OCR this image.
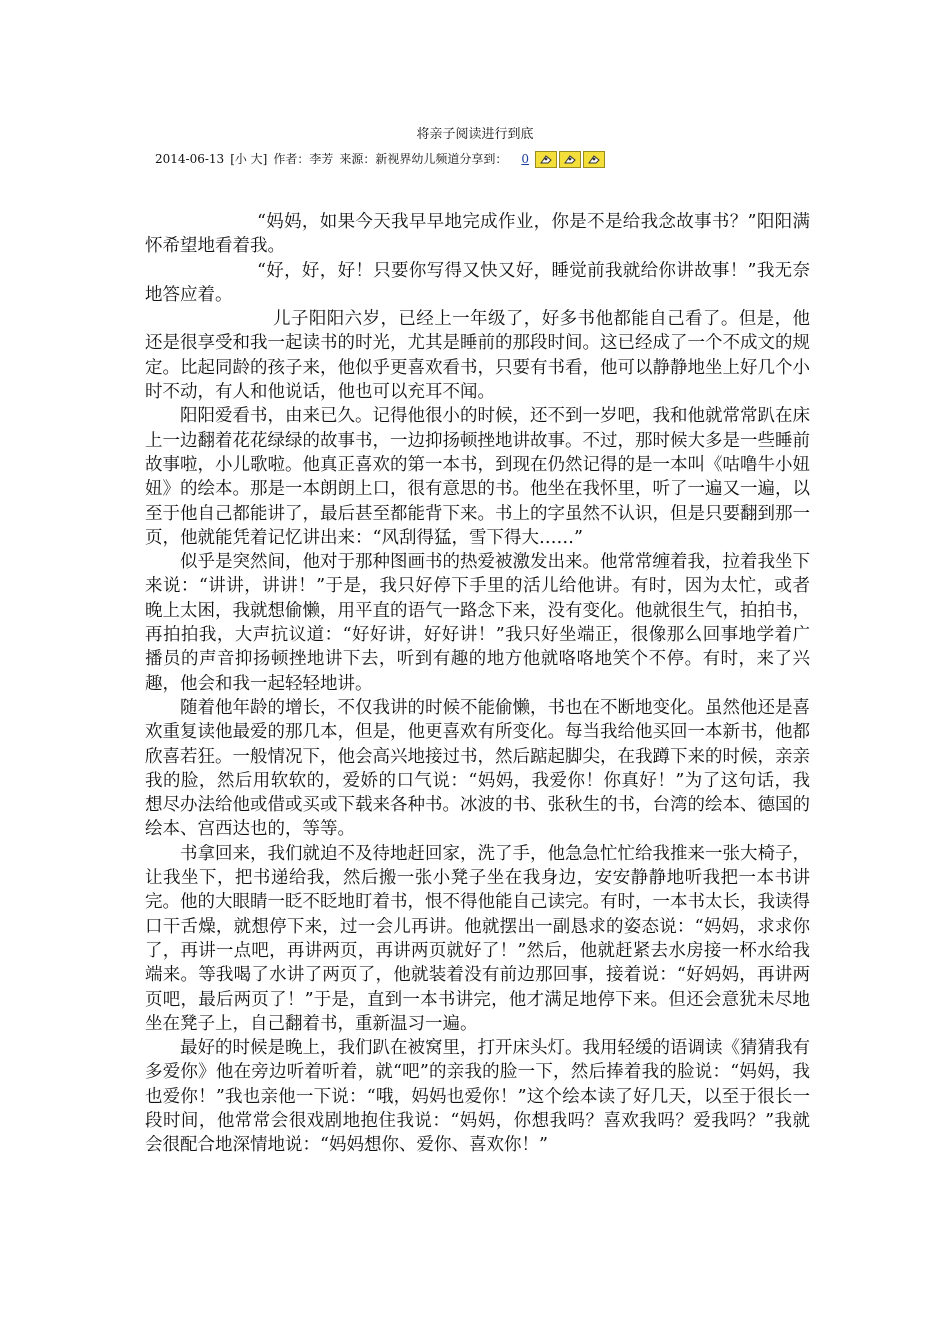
将亲子阅读进行到底
2014-06-13 [小 大] 作者：李芳 来源：新视界幼儿频道 分享到： 0

“妈妈，如果今天我早早地完成作业，你是不是给我念故事书？”阳阳满怀希望地看着我。

“好，好，好！只要你写得又快又好，睡觉前我就给你讲故事！”我无奈地答应着。

儿子阳阳六岁，已经上一年级了，好多书他都能自己看了。但是，他还是很享受和我一起读书的时光，尤其是睡前的那段时间。这已经成了一个不成文的规定。比起同龄的孩子来，他似乎更喜欢看书，只要有书看，他可以静静地坐上好几个小时不动，有人和他说话，他也可以充耳不闻。

阳阳爱看书，由来已久。记得他很小的时候，还不到一岁吧，我和他就常常趴在床上一边翻着花花绿绿的故事书，一边抑扬顿挫地讲故事。不过，那时候大多是一些睡前故事啦，小儿歌啦。他真正喜欢的第一本书，到现在仍然记得的是一本叫《咕噜牛小妞妞》的绘本。那是一本朗朗上口，很有意思的书。他坐在我怀里，听了一遍又一遍，以至于他自己都能讲了，最后甚至都能背下来。书上的字虽然不认识，但是只要翻到那一页，他就能凭着记忆讲出来：“风刮得猛，雪下得大……”

似乎是突然间，他对于那种图画书的热爱被激发出来。他常常缠着我，拉着我坐下来说：“讲讲，讲讲！”于是，我只好停下手里的活儿给他讲。有时，因为太忙，或者晚上太困，我就想偷懒，用平直的语气一路念下来，没有变化。他就很生气，拍拍书，再拍拍我，大声抗议道：“好好讲，好好讲！”我只好坐端正，很像那么回事地学着广播员的声音抑扬顿挫地讲下去，听到有趣的地方他就咯咯地笑个不停。有时，来了兴趣，他会和我一起轻轻地讲。

随着他年龄的增长，不仅我讲的时候不能偷懒，书也在不断地变化。虽然他还是喜欢重复读他最爱的那几本，但是，他更喜欢有所变化。每当我给他买回一本新书，他都欣喜若狂。一般情况下，他会高兴地接过书，然后踮起脚尖，在我蹲下来的时候，亲亲我的脸，然后用软软的，爱娇的口气说：“妈妈，我爱你！你真好！”为了这句话，我想尽办法给他或借或买或下载来各种书。冰波的书、张秋生的书，台湾的绘本、德国的绘本、宫西达也的，等等。

书拿回来，我们就迫不及待地赶回家，洗了手，他急急忙忙给我推来一张大椅子，让我坐下，把书递给我，然后搬一张小凳子坐在我身边，安安静静地听我把一本书讲完。他的大眼睛一眨不眨地盯着书，恨不得他能自己读完。有时，一本书太长，我读得口干舌燥，就想停下来，过一会儿再讲。他就摆出一副恳求的姿态说：“妈妈，求求你了，再讲一点吧，再讲两页，再讲两页就好了！”然后，他就赶紧去水房接一杯水给我端来。等我喝了水讲了两页了，他就装着没有前边那回事，接着说：“好妈妈，再讲两页吧，最后两页了！”于是，直到一本书讲完，他才满足地停下来。但还会意犹未尽地坐在凳子上，自己翻着书，重新温习一遍。

最好的时候是晚上，我们趴在被窝里，打开床头灯。我用轻缓的语调读《猜猜我有多爱你》他在旁边听着听着，就“吧”的亲我的脸一下，然后捧着我的脸说：“妈妈，我也爱你！”我也亲他一下说：“哦，妈妈也爱你！”这个绘本读了好几天，以至于很长一段时间，他常常会很戏剧地抱住我说：“妈妈，你想我吗？喜欢我吗？爱我吗？”我就会很配合地深情地说：“妈妈想你、爱你、喜欢你！”
